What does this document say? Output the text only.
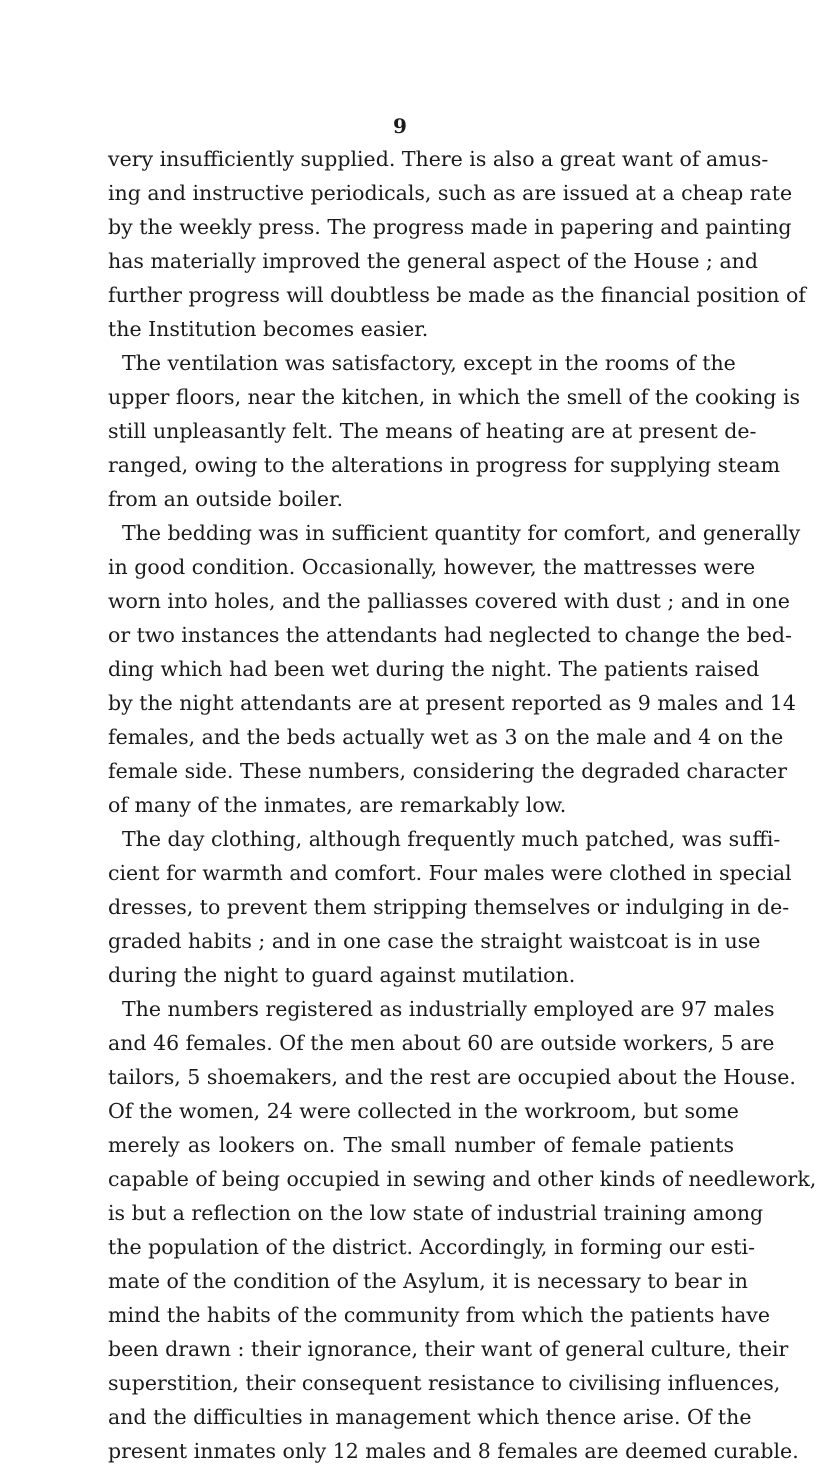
9
very insufficiently supplied. There is also a great want of amus-
ing and instructive periodicals, such as are issued at a cheap rate
by the weekly press. The progress made in papering and painting
has materially improved the general aspect of the House ; and
further progress will doubtless be made as the financial position of
the Institution becomes easier.
The ventilation was satisfactory, except in the rooms of the
upper floors, near the kitchen, in which the smell of the cooking is
still unpleasantly felt. The means of heating are at present de-
ranged, owing to the alterations in progress for supplying steam
from an outside boiler.
The bedding was in sufficient quantity for comfort, and generally
in good condition. Occasionally, however, the mattresses were
worn into holes, and the palliasses covered with dust ; and in one
or two instances the attendants had neglected to change the bed-
ding which had been wet during the night. The patients raised
by the night attendants are at present reported as 9 males and 14
females, and the beds actually wet as 3 on the male and 4 on the
female side. These numbers, considering the degraded character
of many of the inmates, are remarkably low.
The day clothing, although frequently much patched, was suffi-
cient for warmth and comfort. Four males were clothed in special
dresses, to prevent them stripping themselves or indulging in de-
graded habits ; and in one case the straight waistcoat is in use
during the night to guard against mutilation.
The numbers registered as industrially employed are 97 males
and 46 females. Of the men about 60 are outside workers, 5 are
tailors, 5 shoemakers, and the rest are occupied about the House.
Of the women, 24 were collected in the workroom, but some
merely as lookers on. The small number of female patients
capable of being occupied in sewing and other kinds of needlework,
is but a reflection on the low state of industrial training among
the population of the district. Accordingly, in forming our esti-
mate of the condition of the Asylum, it is necessary to bear in
mind the habits of the community from which the patients have
been drawn : their ignorance, their want of general culture, their
superstition, their consequent resistance to civilising influences,
and the difficulties in management which thence arise. Of the
present inmates only 12 males and 8 females are deemed curable.
